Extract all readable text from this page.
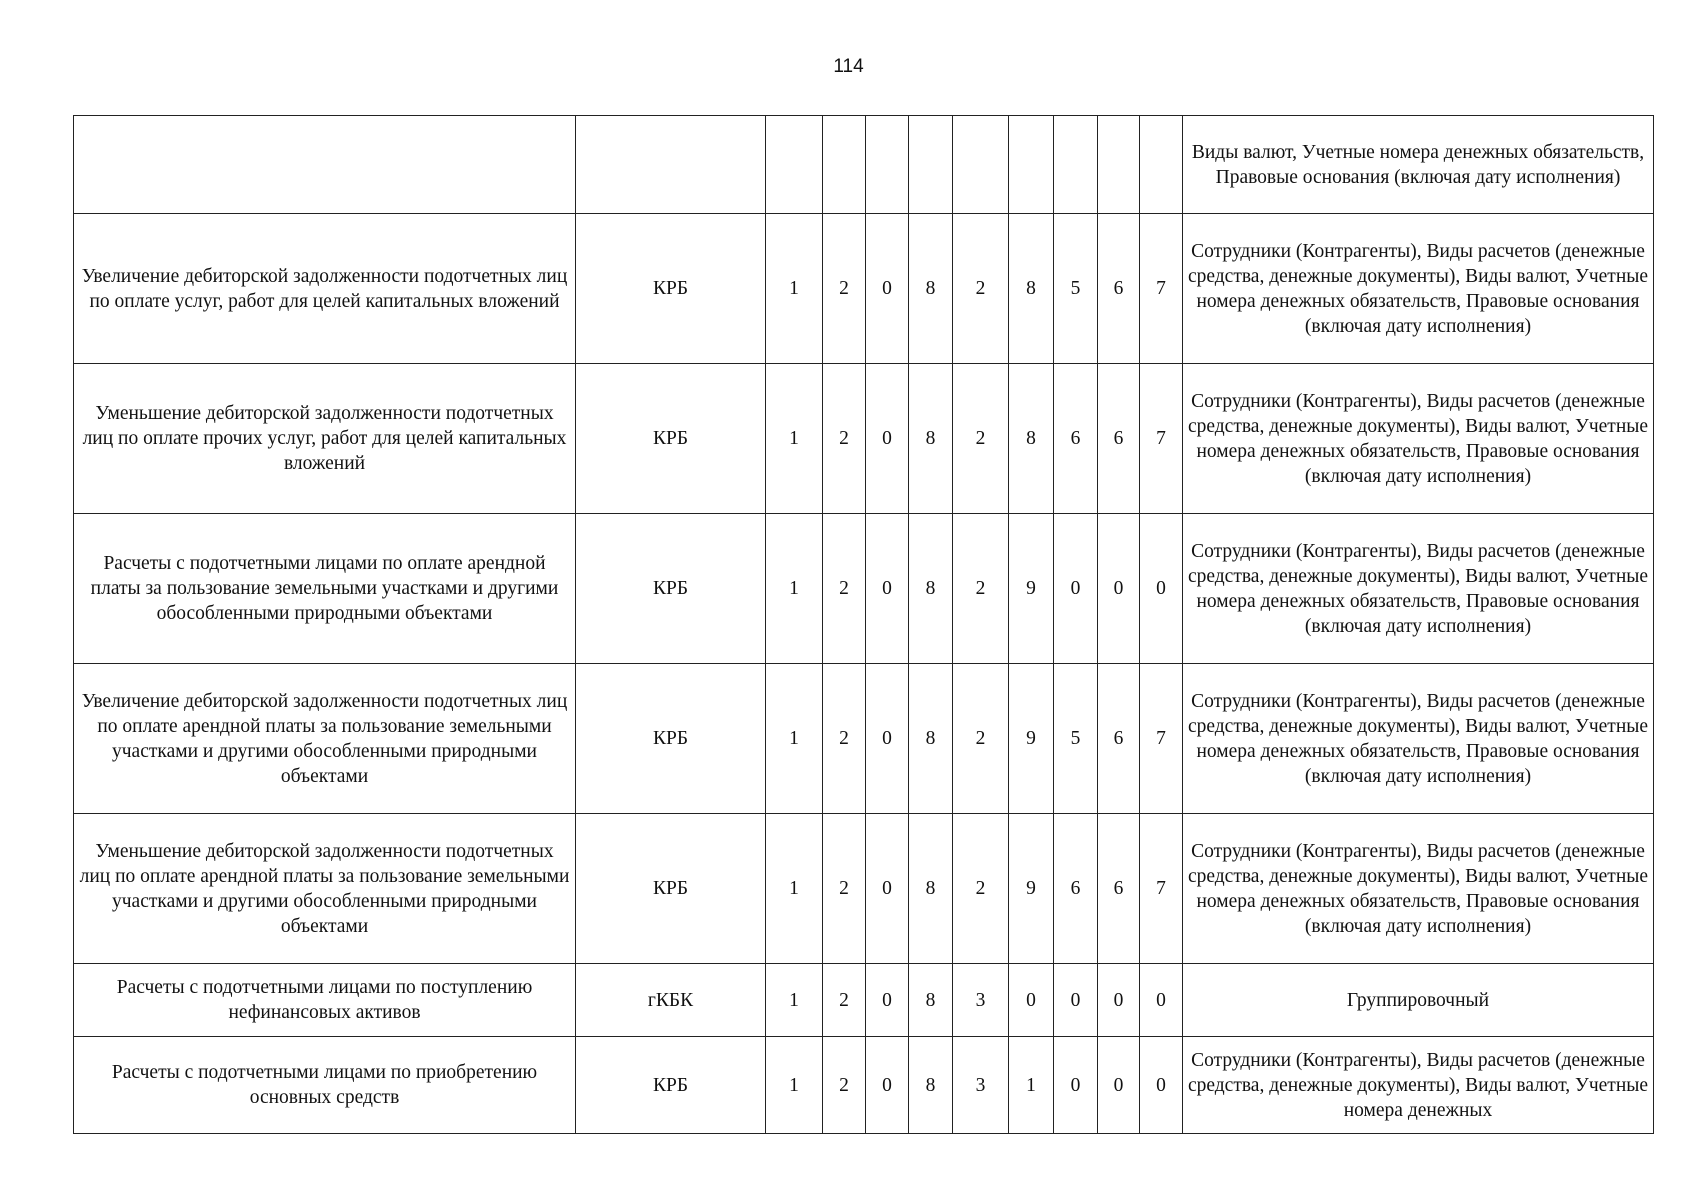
114
											Виды валют, Учетные номера денежных обязательств, Правовые основания (включая дату исполнения)
Увеличение дебиторской задолженности подотчетных лиц по оплате услуг, работ для целей капитальных вложений	КРБ	1	2	0	8	2	8	5	6	7	Сотрудники (Контрагенты), Виды расчетов (денежные средства, денежные документы), Виды валют, Учетные номера денежных обязательств, Правовые основания (включая дату исполнения)
Уменьшение дебиторской задолженности подотчетных лиц по оплате прочих услуг, работ для целей капитальных вложений	КРБ	1	2	0	8	2	8	6	6	7	Сотрудники (Контрагенты), Виды расчетов (денежные средства, денежные документы), Виды валют, Учетные номера денежных обязательств, Правовые основания (включая дату исполнения)
Расчеты с подотчетными лицами по оплате арендной платы за пользование земельными участками и другими обособленными природными объектами	КРБ	1	2	0	8	2	9	0	0	0	Сотрудники (Контрагенты), Виды расчетов (денежные средства, денежные документы), Виды валют, Учетные номера денежных обязательств, Правовые основания (включая дату исполнения)
Увеличение дебиторской задолженности подотчетных лиц по оплате арендной платы за пользование земельными участками и другими обособленными природными объектами	КРБ	1	2	0	8	2	9	5	6	7	Сотрудники (Контрагенты), Виды расчетов (денежные средства, денежные документы), Виды валют, Учетные номера денежных обязательств, Правовые основания (включая дату исполнения)
Уменьшение дебиторской задолженности подотчетных лиц по оплате арендной платы за пользование земельными участками и другими обособленными природными объектами	КРБ	1	2	0	8	2	9	6	6	7	Сотрудники (Контрагенты), Виды расчетов (денежные средства, денежные документы), Виды валют, Учетные номера денежных обязательств, Правовые основания (включая дату исполнения)
Расчеты с подотчетными лицами по поступлению нефинансовых активов	гКБК	1	2	0	8	3	0	0	0	0	Группировочный
Расчеты с подотчетными лицами по приобретению основных средств	КРБ	1	2	0	8	3	1	0	0	0	Сотрудники (Контрагенты), Виды расчетов (денежные средства, денежные документы), Виды валют, Учетные номера денежных
